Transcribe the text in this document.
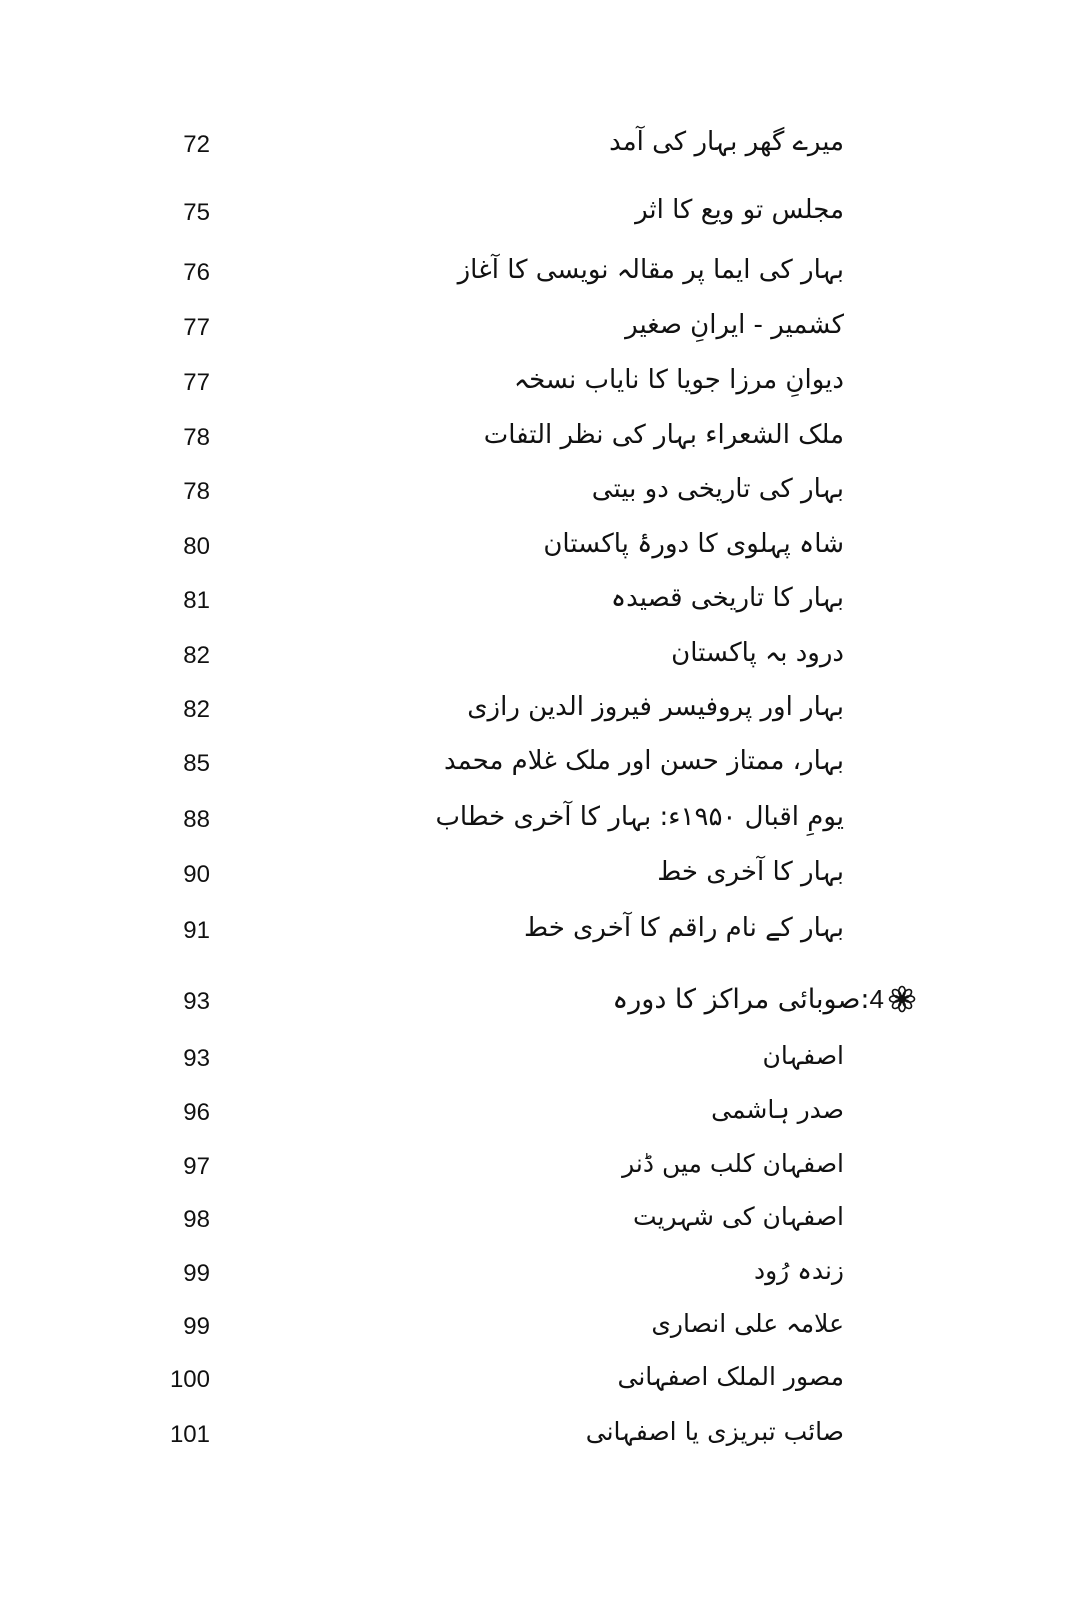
72	میرے گھر بہار کی آمد
75	مجلس تو ویع کا اثر
76	بہار کی ایما پر مقالہ نویسی کا آغاز
77	کشمیر - ایرانِ صغیر
77	دیوانِ مرزا جویا کا نایاب نسخہ
78	ملک الشعراء بہار کی نظر التفات
78	بہار کی تاریخی دو بیتی
80	شاہ پہلوی کا دورۂ پاکستان
81	بہار کا تاریخی قصیدہ
82	درود بہ پاکستان
82	بہار اور پروفیسر فیروز الدین رازی
85	بہار، ممتاز حسن اور ملک غلام محمد
88	یومِ اقبال ۱۹۵۰ء: بہار کا آخری خطاب
90	بہار کا آخری خط
91	بہار کے نام راقم کا آخری خط
93	4:صوبائی مراکز کا دورہ
93	اصفہان
96	صدر ہاشمی
97	اصفہان کلب میں ڈنر
98	اصفہان کی شہریت
99	زندہ رُود
99	علامہ علی انصاری
100	مصور الملک اصفہانی
101	صائب تبریزی یا اصفہانی
